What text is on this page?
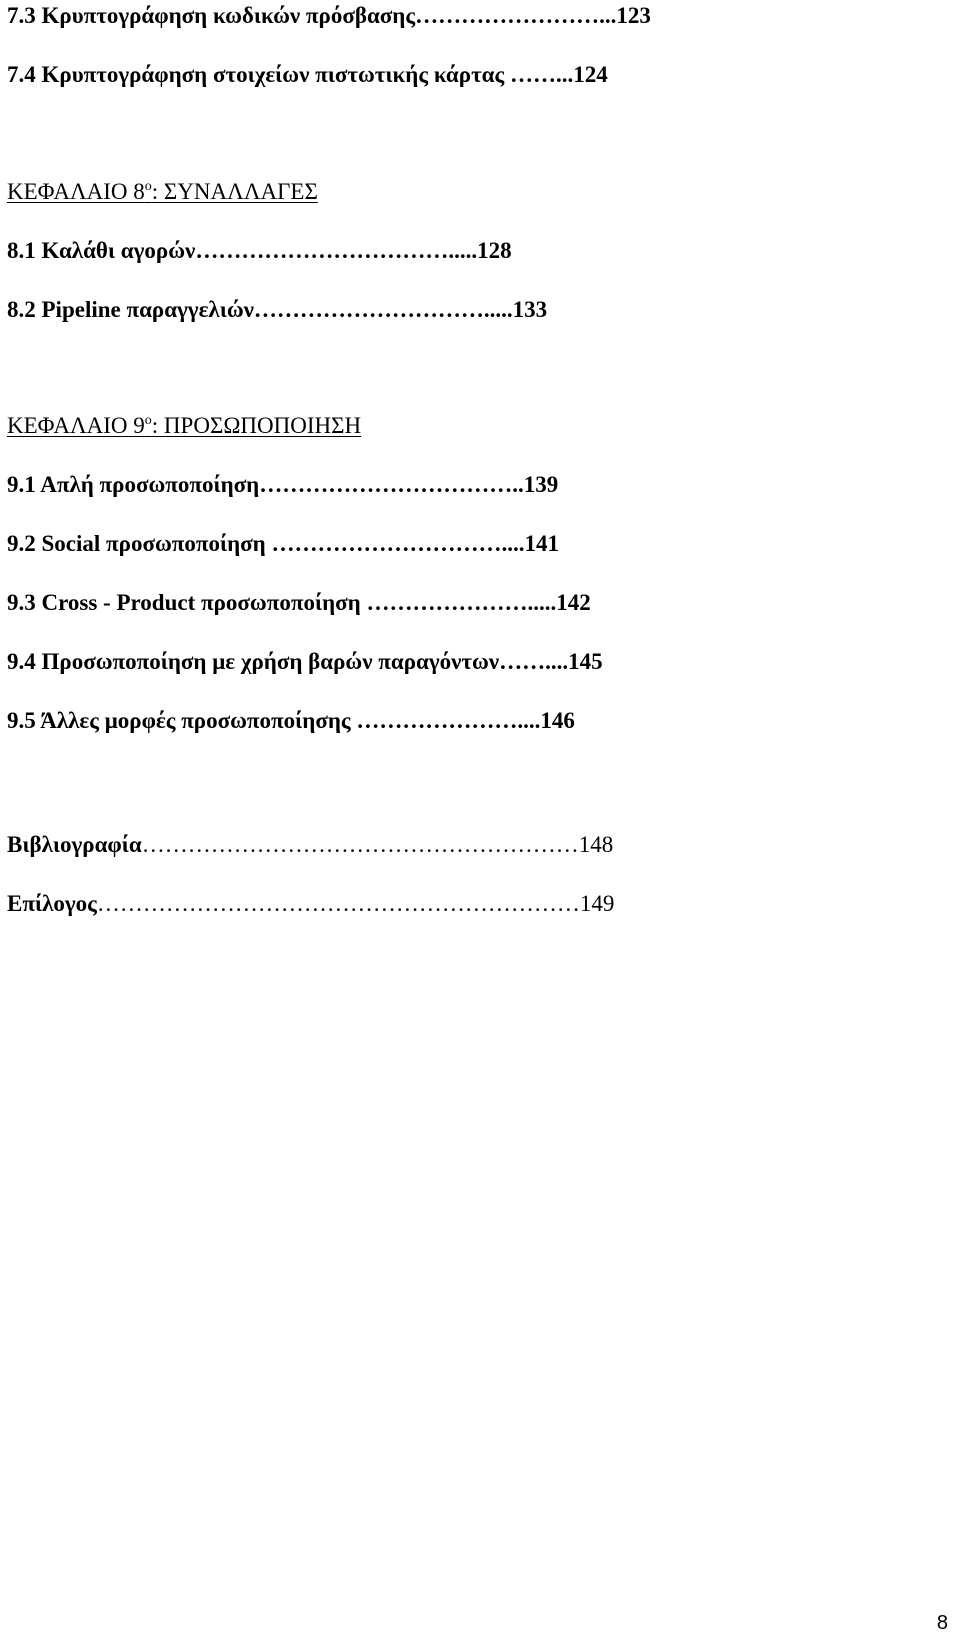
7.3 Κρυπτογράφηση κωδικών πρόσβασης……………………...123
7.4 Κρυπτογράφηση στοιχείων πιστωτικής κάρτας ……...124
ΚΕΦΑΛΑΙΟ $8^o$: ΣΥΝΑΛΛΑΓΕΣ
8.1 Καλάθι αγορών…………………………….....128
8.2 Pipeline παραγγελιών………………………….....133
ΚΕΦΑΛΑΙΟ $9^o$: ΠΡΟΣΩΠΟΠΟΙΗΣΗ
9.1 Απλή προσωποποίηση……………………………..139
9.2 Social προσωποποίηση …………………………....141
9.3 Cross - Product προσωποποίηση ………………….....142
9.4 Προσωποποίηση με χρήση βαρών παραγόντων……....145
9.5 Άλλες μορφές προσωποποίησης …………………....146
Βιβλιογραφία…………………………………………………148
Επίλογος………………………………………………………149
8
